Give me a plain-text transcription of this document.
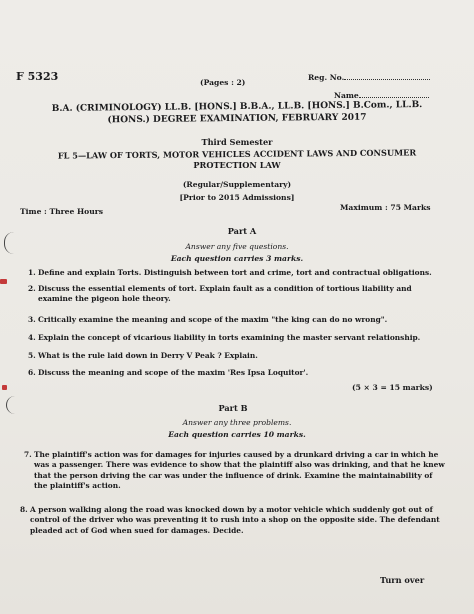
F 5323	(Pages : 2)
Reg. No.
Name
B.A. (CRIMINOLOGY) LL.B. [HONS.] B.B.A., LL.B. [HONS.] B.Com., LL.B.
(HONS.) DEGREE EXAMINATION, FEBRUARY 2017
Third Semester
FL 5—LAW OF TORTS, MOTOR VEHICLES ACCIDENT LAWS AND CONSUMER
PROTECTION LAW
(Regular/Supplementary)
[Prior to 2015 Admissions]
Time : Three Hours	Maximum : 75 Marks
Part A
Answer any five questions.
Each question carries 3 marks.
1. Define and explain Torts. Distinguish between tort and crime, tort and contractual obligations.
2. Discuss the essential elements of tort. Explain fault as a condition of tortious liability and examine the pigeon hole theory.
3. Critically examine the meaning and scope of the maxim "the king can do no wrong".
4. Explain the concept of vicarious liability in torts examining the master servant relationship.
5. What is the rule laid down in Derry V Peak ? Explain.
6. Discuss the meaning and scope of the maxim 'Res Ipsa Loquitor'.
(5 × 3 = 15 marks)
Part B
Answer any three problems.
Each question carries 10 marks.
7. The plaintiff's action was for damages for injuries caused by a drunkard driving a car in which he was a passenger. There was evidence to show that the plaintiff also was drinking, and that he knew that the person driving the car was under the influence of drink. Examine the maintainability of the plaintiff's action.
8. A person walking along the road was knocked down by a motor vehicle which suddenly got out of control of the driver who was preventing it to rush into a shop on the opposite side. The defendant pleaded act of God when sued for damages. Decide.
Turn over
